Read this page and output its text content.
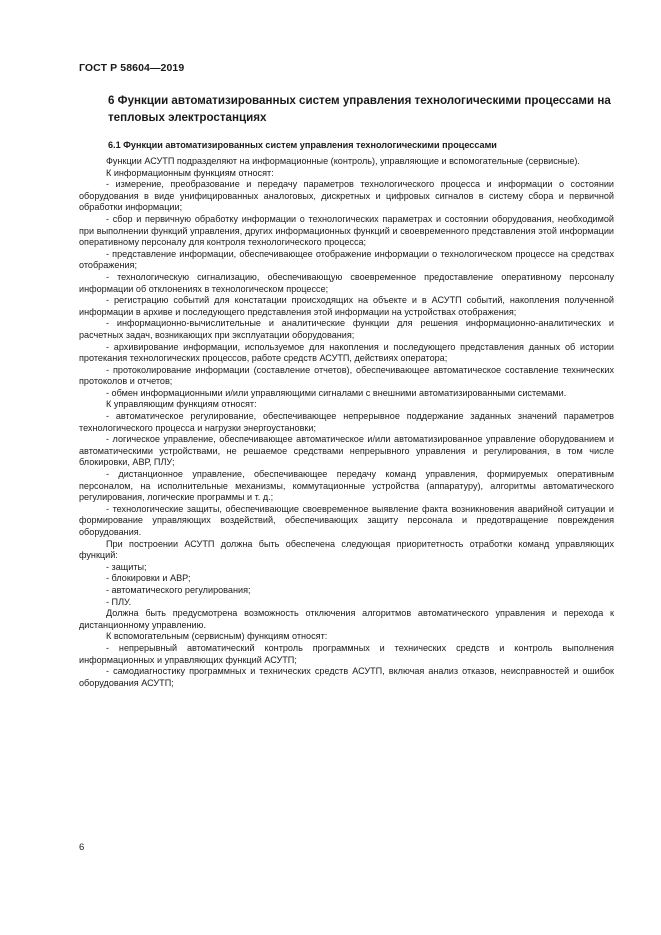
ГОСТ Р 58604—2019
6 Функции автоматизированных систем управления технологическими процессами на тепловых электростанциях
6.1 Функции автоматизированных систем управления технологическими процессами

Функции АСУТП подразделяют на информационные (контроль), управляющие и вспомогательные (сервисные).

К информационным функциям относят:

- измерение, преобразование и передачу параметров технологического процесса и информации о состоянии оборудования в виде унифицированных аналоговых, дискретных и цифровых сигналов в систему сбора и первичной обработки информации;

- сбор и первичную обработку информации о технологических параметрах и состоянии оборудования, необходимой при выполнении функций управления, других информационных функций и своевременного представления этой информации оперативному персоналу для контроля технологического процесса;

- представление информации, обеспечивающее отображение информации о технологическом процессе на средствах отображения;

- технологическую сигнализацию, обеспечивающую своевременное предоставление оперативному персоналу информации об отклонениях в технологическом процессе;

- регистрацию событий для констатации происходящих на объекте и в АСУТП событий, накопления полученной информации в архиве и последующего представления этой информации на устройствах отображения;

- информационно-вычислительные и аналитические функции для решения информационно-аналитических и расчетных задач, возникающих при эксплуатации оборудования;

- архивирование информации, используемое для накопления и последующего представления данных об истории протекания технологических процессов, работе средств АСУТП, действиях оператора;

- протоколирование информации (составление отчетов), обеспечивающее автоматическое составление технических протоколов и отчетов;

- обмен информационными и/или управляющими сигналами с внешними автоматизированными системами.

К управляющим функциям относят:

- автоматическое регулирование, обеспечивающее непрерывное поддержание заданных значений параметров технологического процесса и нагрузки энергоустановки;

- логическое управление, обеспечивающее автоматическое и/или автоматизированное управление оборудованием и автоматическими устройствами, не решаемое средствами непрерывного управления и регулирования, в том числе блокировки, АВР, ПЛУ;

- дистанционное управление, обеспечивающее передачу команд управления, формируемых оперативным персоналом, на исполнительные механизмы, коммутационные устройства (аппаратуру), алгоритмы автоматического регулирования, логические программы и т. д.;

- технологические защиты, обеспечивающие своевременное выявление факта возникновения аварийной ситуации и формирование управляющих воздействий, обеспечивающих защиту персонала и предотвращение повреждения оборудования.

При построении АСУТП должна быть обеспечена следующая приоритетность отработки команд управляющих функций:

- защиты;

- блокировки и АВР;

- автоматического регулирования;

- ПЛУ.

Должна быть предусмотрена возможность отключения алгоритмов автоматического управления и перехода к дистанционному управлению.

К вспомогательным (сервисным) функциям относят:

- непрерывный автоматический контроль программных и технических средств и контроль выполнения информационных и управляющих функций АСУТП;

- самодиагностику программных и технических средств АСУТП, включая анализ отказов, неисправностей и ошибок оборудования АСУТП;

6
